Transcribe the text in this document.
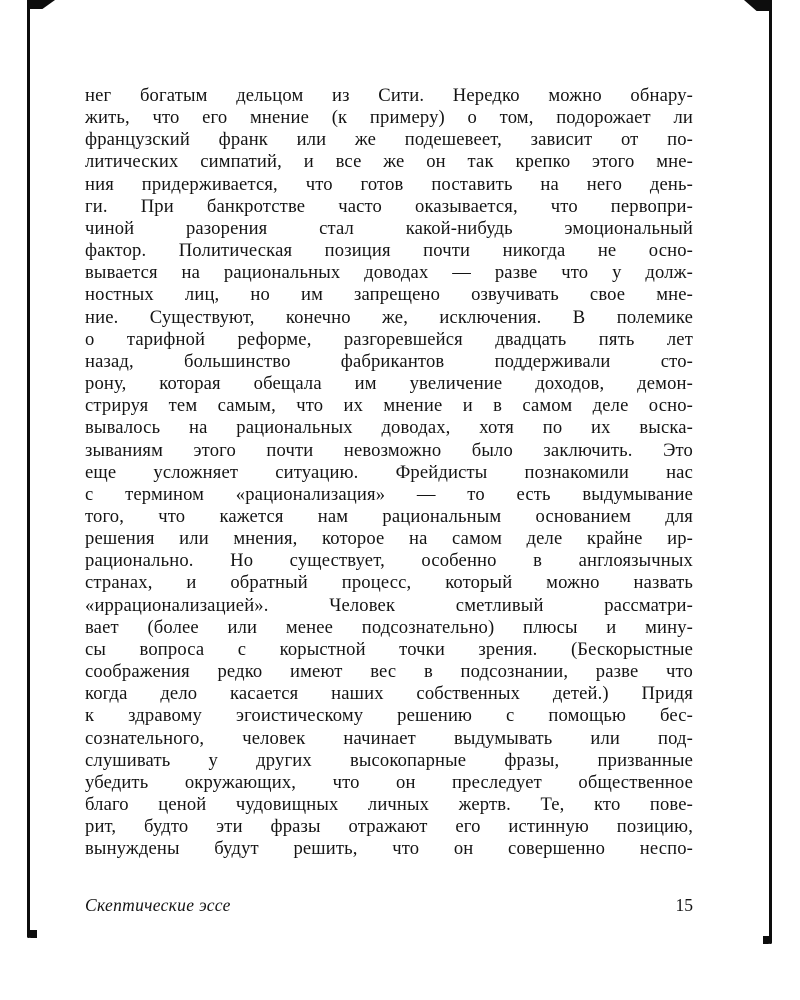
нег богатым дельцом из Сити. Нередко можно обнару-
жить, что его мнение (к примеру) о том, подорожает ли
французский франк или же подешевеет, зависит от по-
литических симпатий, и все же он так крепко этого мне-
ния придерживается, что готов поставить на него день-
ги. При банкротстве часто оказывается, что первопри-
чиной разорения стал какой-нибудь эмоциональный
фактор. Политическая позиция почти никогда не осно-
вывается на рациональных доводах — разве что у долж-
ностных лиц, но им запрещено озвучивать свое мне-
ние. Существуют, конечно же, исключения. В полемике
о тарифной реформе, разгоревшейся двадцать пять лет
назад, большинство фабрикантов поддерживали сто-
рону, которая обещала им увеличение доходов, демон-
стрируя тем самым, что их мнение и в самом деле осно-
вывалось на рациональных доводах, хотя по их выска-
зываниям этого почти невозможно было заключить. Это
еще усложняет ситуацию. Фрейдисты познакомили нас
с термином «рационализация» — то есть выдумывание
того, что кажется нам рациональным основанием для
решения или мнения, которое на самом деле крайне ир-
рационально. Но существует, особенно в англоязычных
странах, и обратный процесс, который можно назвать
«иррационализацией». Человек сметливый рассматри-
вает (более или менее подсознательно) плюсы и мину-
сы вопроса с корыстной точки зрения. (Бескорыстные
соображения редко имеют вес в подсознании, разве что
когда дело касается наших собственных детей.) Придя
к здравому эгоистическому решению с помощью бес-
сознательного, человек начинает выдумывать или под-
слушивать у других высокопарные фразы, призванные
убедить окружающих, что он преследует общественное
благо ценой чудовищных личных жертв. Те, кто пове-
рит, будто эти фразы отражают его истинную позицию,
вынуждены будут решить, что он совершенно неспо-
Скептические эссе	15
